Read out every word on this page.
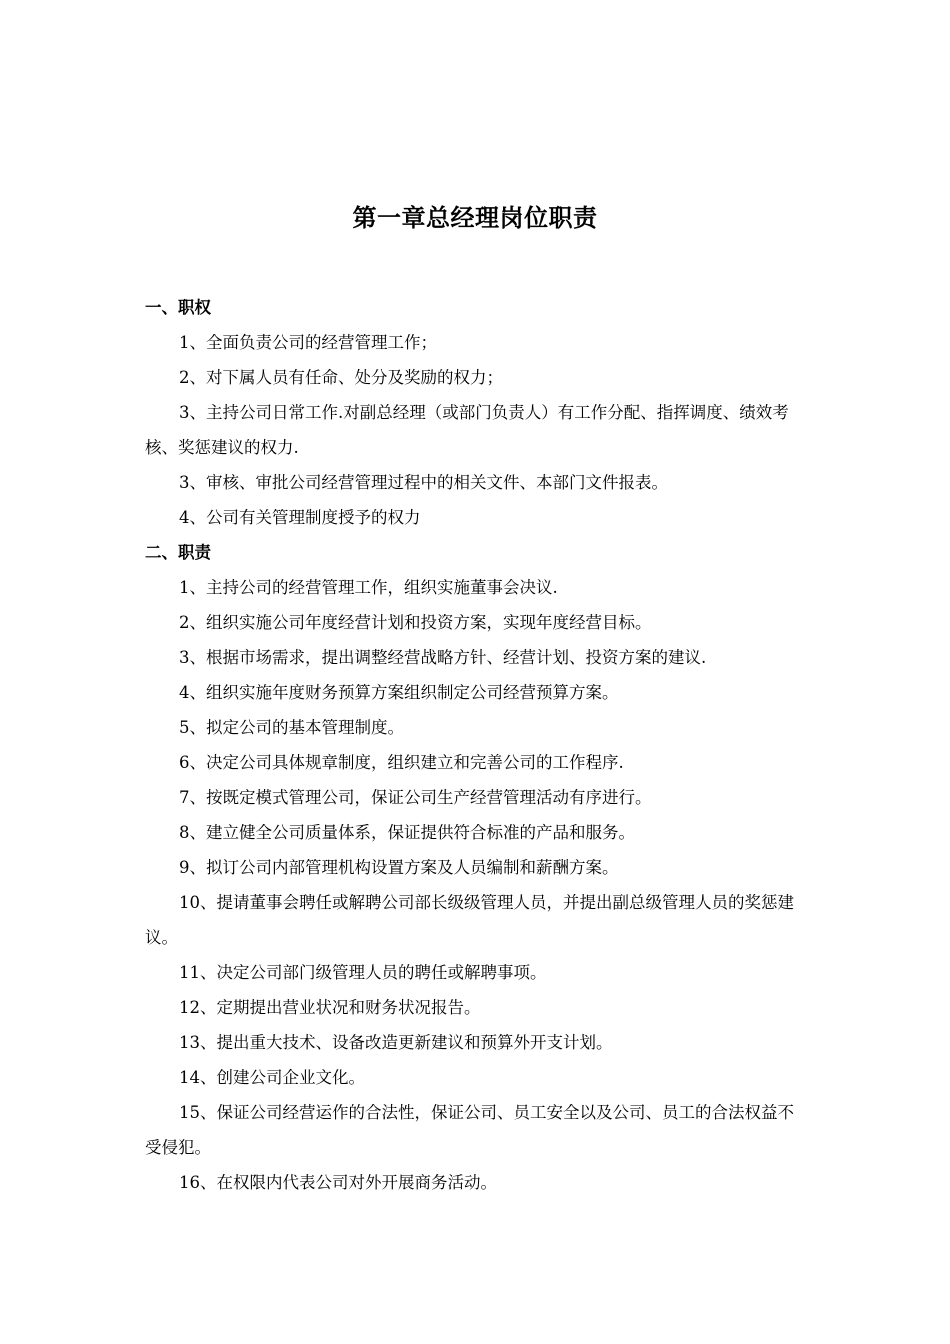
第一章总经理岗位职责

一、职权

1、全面负责公司的经营管理工作；

2、对下属人员有任命、处分及奖励的权力；

3、主持公司日常工作.对副总经理（或部门负责人）有工作分配、指挥调度、绩效考核、奖惩建议的权力.

3、审核、审批公司经营管理过程中的相关文件、本部门文件报表。

4、公司有关管理制度授予的权力

二、职责

1、主持公司的经营管理工作，组织实施董事会决议.

2、组织实施公司年度经营计划和投资方案，实现年度经营目标。

3、根据市场需求，提出调整经营战略方针、经营计划、投资方案的建议.

4、组织实施年度财务预算方案组织制定公司经营预算方案。

5、拟定公司的基本管理制度。

6、决定公司具体规章制度，组织建立和完善公司的工作程序.

7、按既定模式管理公司，保证公司生产经营管理活动有序进行。

8、建立健全公司质量体系，保证提供符合标准的产品和服务。

9、拟订公司内部管理机构设置方案及人员编制和薪酬方案。

10、提请董事会聘任或解聘公司部长级级管理人员，并提出副总级管理人员的奖惩建议。

11、决定公司部门级管理人员的聘任或解聘事项。

12、定期提出营业状况和财务状况报告。

13、提出重大技术、设备改造更新建议和预算外开支计划。

14、创建公司企业文化。

15、保证公司经营运作的合法性，保证公司、员工安全以及公司、员工的合法权益不受侵犯。

16、在权限内代表公司对外开展商务活动。
